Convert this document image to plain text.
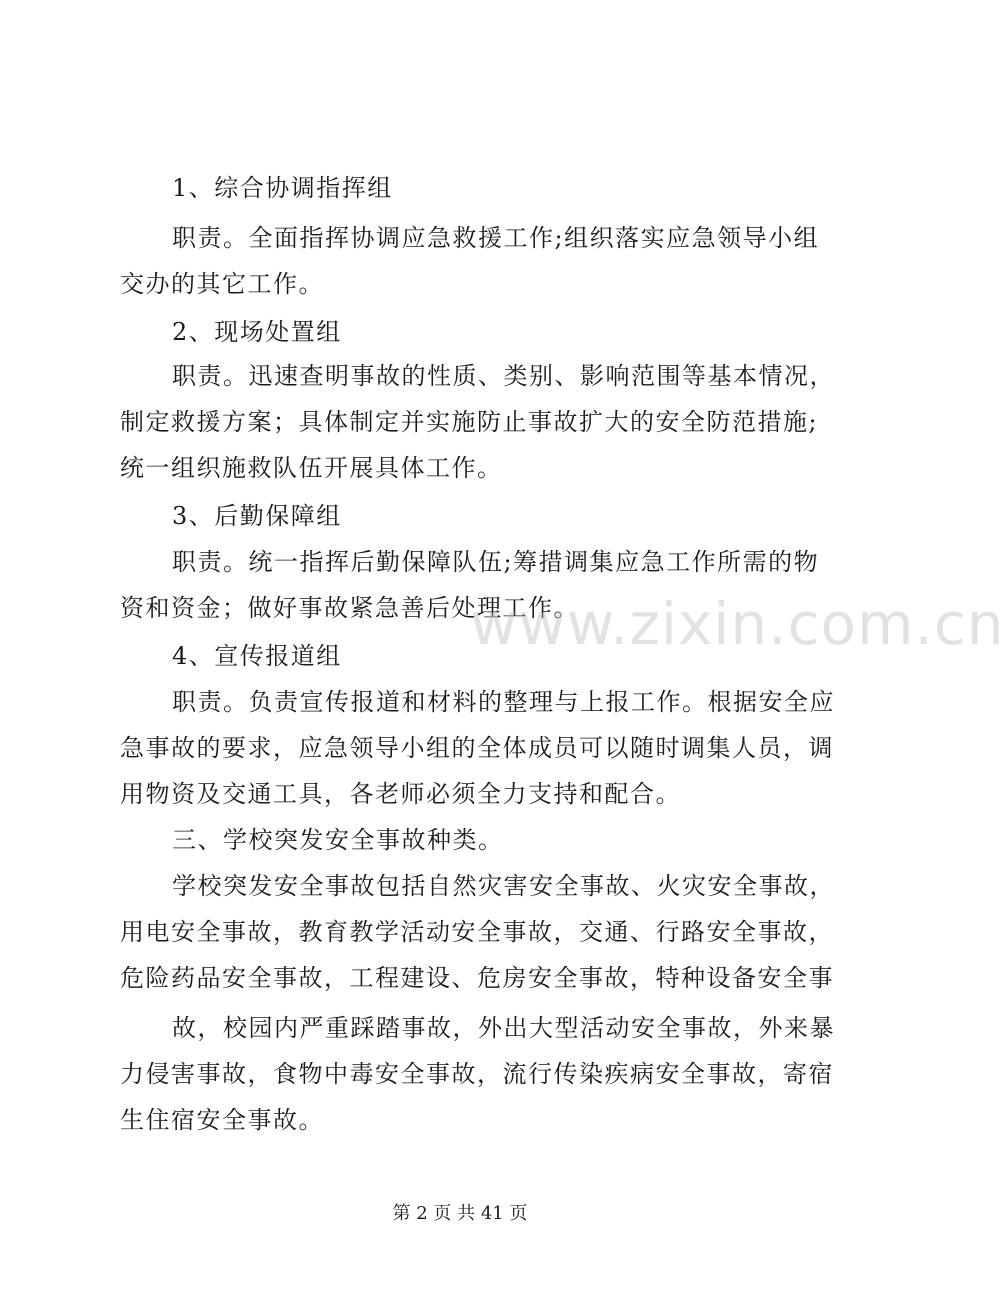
1、综合协调指挥组
职责。全面指挥协调应急救援工作;组织落实应急领导小组
交办的其它工作。
2、现场处置组
职责。迅速查明事故的性质、类别、影响范围等基本情况，
制定救援方案；具体制定并实施防止事故扩大的安全防范措施;
统一组织施救队伍开展具体工作。
3、后勤保障组
职责。统一指挥后勤保障队伍;筹措调集应急工作所需的物
资和资金；做好事故紧急善后处理工作。
4、宣传报道组
职责。负责宣传报道和材料的整理与上报工作。根据安全应
急事故的要求，应急领导小组的全体成员可以随时调集人员，调
用物资及交通工具，各老师必须全力支持和配合。
三、学校突发安全事故种类。
学校突发安全事故包括自然灾害安全事故、火灾安全事故，
用电安全事故，教育教学活动安全事故，交通、行路安全事故，
危险药品安全事故，工程建设、危房安全事故，特种设备安全事
故，校园内严重踩踏事故，外出大型活动安全事故，外来暴
力侵害事故，食物中毒安全事故，流行传染疾病安全事故，寄宿
生住宿安全事故。
www.zixin.com.cn
第 2 页 共 41 页
